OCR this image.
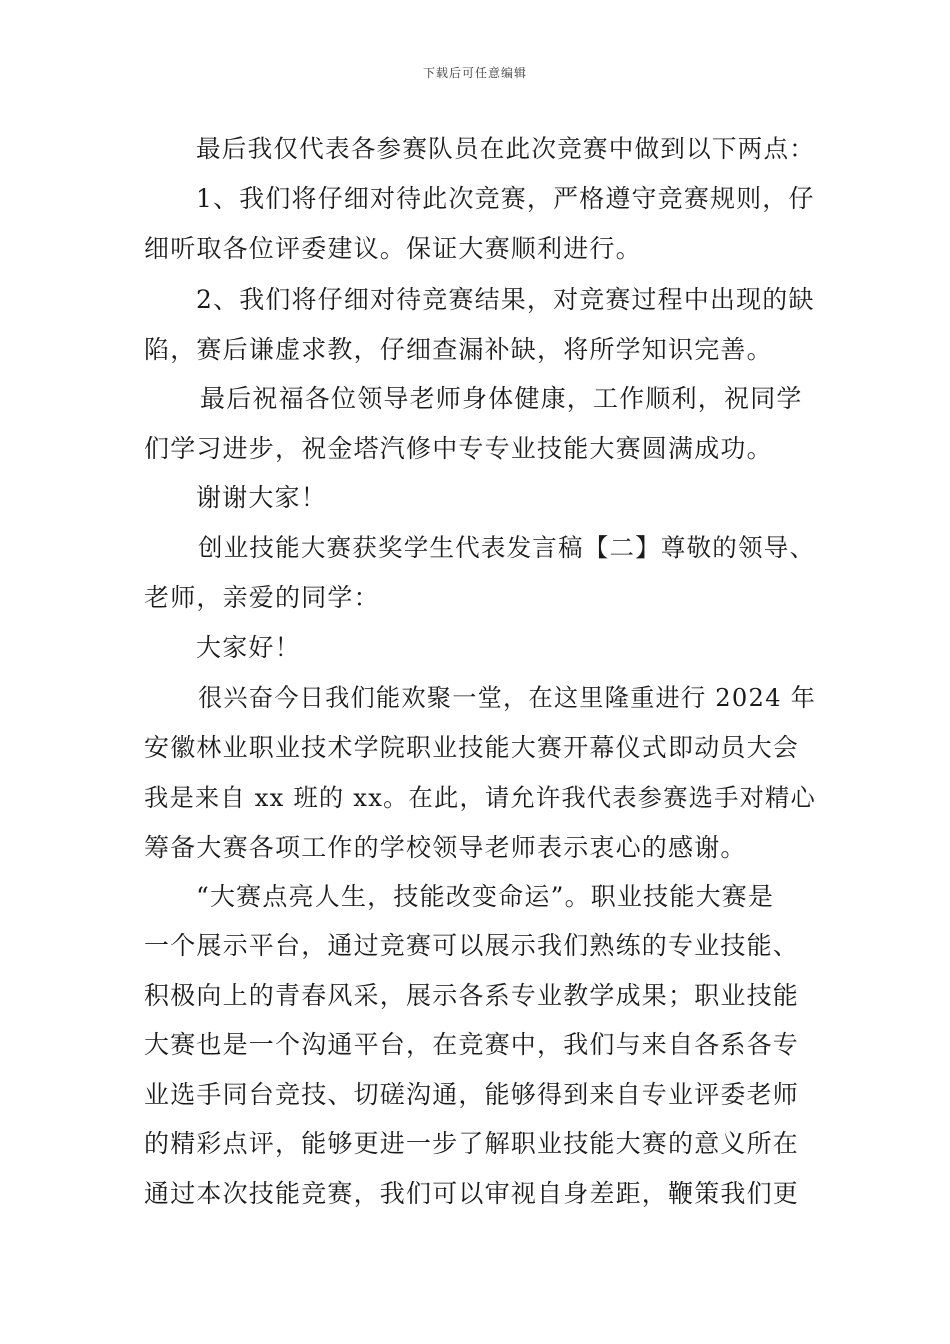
下载后可任意编辑
最后我仅代表各参赛队员在此次竞赛中做到以下两点：
1、我们将仔细对待此次竞赛，严格遵守竞赛规则，仔
细听取各位评委建议。保证大赛顺利进行。
2、我们将仔细对待竞赛结果，对竞赛过程中出现的缺
陷，赛后谦虚求教，仔细查漏补缺，将所学知识完善。
最后祝福各位领导老师身体健康，工作顺利，祝同学
们学习进步，祝金塔汽修中专专业技能大赛圆满成功。
谢谢大家！
创业技能大赛获奖学生代表发言稿【二】尊敬的领导、
老师，亲爱的同学：
大家好！
很兴奋今日我们能欢聚一堂，在这里隆重进行 2024 年
安徽林业职业技术学院职业技能大赛开幕仪式即动员大会
我是来自 xx 班的 xx。在此，请允许我代表参赛选手对精心
筹备大赛各项工作的学校领导老师表示衷心的感谢。
“大赛点亮人生，技能改变命运”。职业技能大赛是
一个展示平台，通过竞赛可以展示我们熟练的专业技能、
积极向上的青春风采，展示各系专业教学成果；职业技能
大赛也是一个沟通平台，在竞赛中，我们与来自各系各专
业选手同台竞技、切磋沟通，能够得到来自专业评委老师
的精彩点评，能够更进一步了解职业技能大赛的意义所在
通过本次技能竞赛，我们可以审视自身差距，鞭策我们更
